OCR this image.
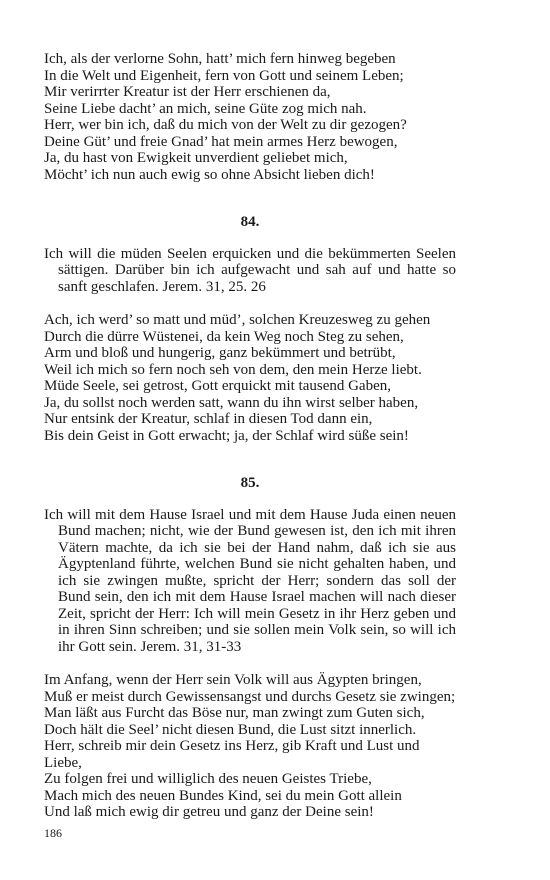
Ich, als der verlorne Sohn, hatt’ mich fern hinweg begeben
In die Welt und Eigenheit, fern von Gott und seinem Leben;
Mir verirrter Kreatur ist der Herr erschienen da,
Seine Liebe dacht’ an mich, seine Güte zog mich nah.
Herr, wer bin ich, daß du mich von der Welt zu dir gezogen?
Deine Güt’ und freie Gnad’ hat mein armes Herz bewogen,
Ja, du hast von Ewigkeit unverdient geliebet mich,
Möcht’ ich nun auch ewig so ohne Absicht lieben dich!
84.
Ich will die müden Seelen erquicken und die bekümmerten Seelen sättigen. Darüber bin ich aufgewacht und sah auf und hatte so sanft geschlafen. Jerem. 31, 25. 26
Ach, ich werd’ so matt und müd’, solchen Kreuzesweg zu gehen
Durch die dürre Wüstenei, da kein Weg noch Steg zu sehen,
Arm und bloß und hungerig, ganz bekümmert und betrübt,
Weil ich mich so fern noch seh von dem, den mein Herze liebt.
Müde Seele, sei getrost, Gott erquickt mit tausend Gaben,
Ja, du sollst noch werden satt, wann du ihn wirst selber haben,
Nur entsink der Kreatur, schlaf in diesen Tod dann ein,
Bis dein Geist in Gott erwacht; ja, der Schlaf wird süße sein!
85.
Ich will mit dem Hause Israel und mit dem Hause Juda einen neuen Bund machen; nicht, wie der Bund gewesen ist, den ich mit ihren Vätern machte, da ich sie bei der Hand nahm, daß ich sie aus Ägyptenland führte, welchen Bund sie nicht gehalten haben, und ich sie zwingen mußte, spricht der Herr; sondern das soll der Bund sein, den ich mit dem Hause Israel machen will nach dieser Zeit, spricht der Herr: Ich will mein Gesetz in ihr Herz geben und in ihren Sinn schreiben; und sie sollen mein Volk sein, so will ich ihr Gott sein. Jerem. 31, 31-33
Im Anfang, wenn der Herr sein Volk will aus Ägypten bringen,
Muß er meist durch Gewissensangst und durchs Gesetz sie zwingen;
Man läßt aus Furcht das Böse nur, man zwingt zum Guten sich,
Doch hält die Seel’ nicht diesen Bund, die Lust sitzt innerlich.
Herr, schreib mir dein Gesetz ins Herz, gib Kraft und Lust und Liebe,
Zu folgen frei und williglich des neuen Geistes Triebe,
Mach mich des neuen Bundes Kind, sei du mein Gott allein
Und laß mich ewig dir getreu und ganz der Deine sein!
186
